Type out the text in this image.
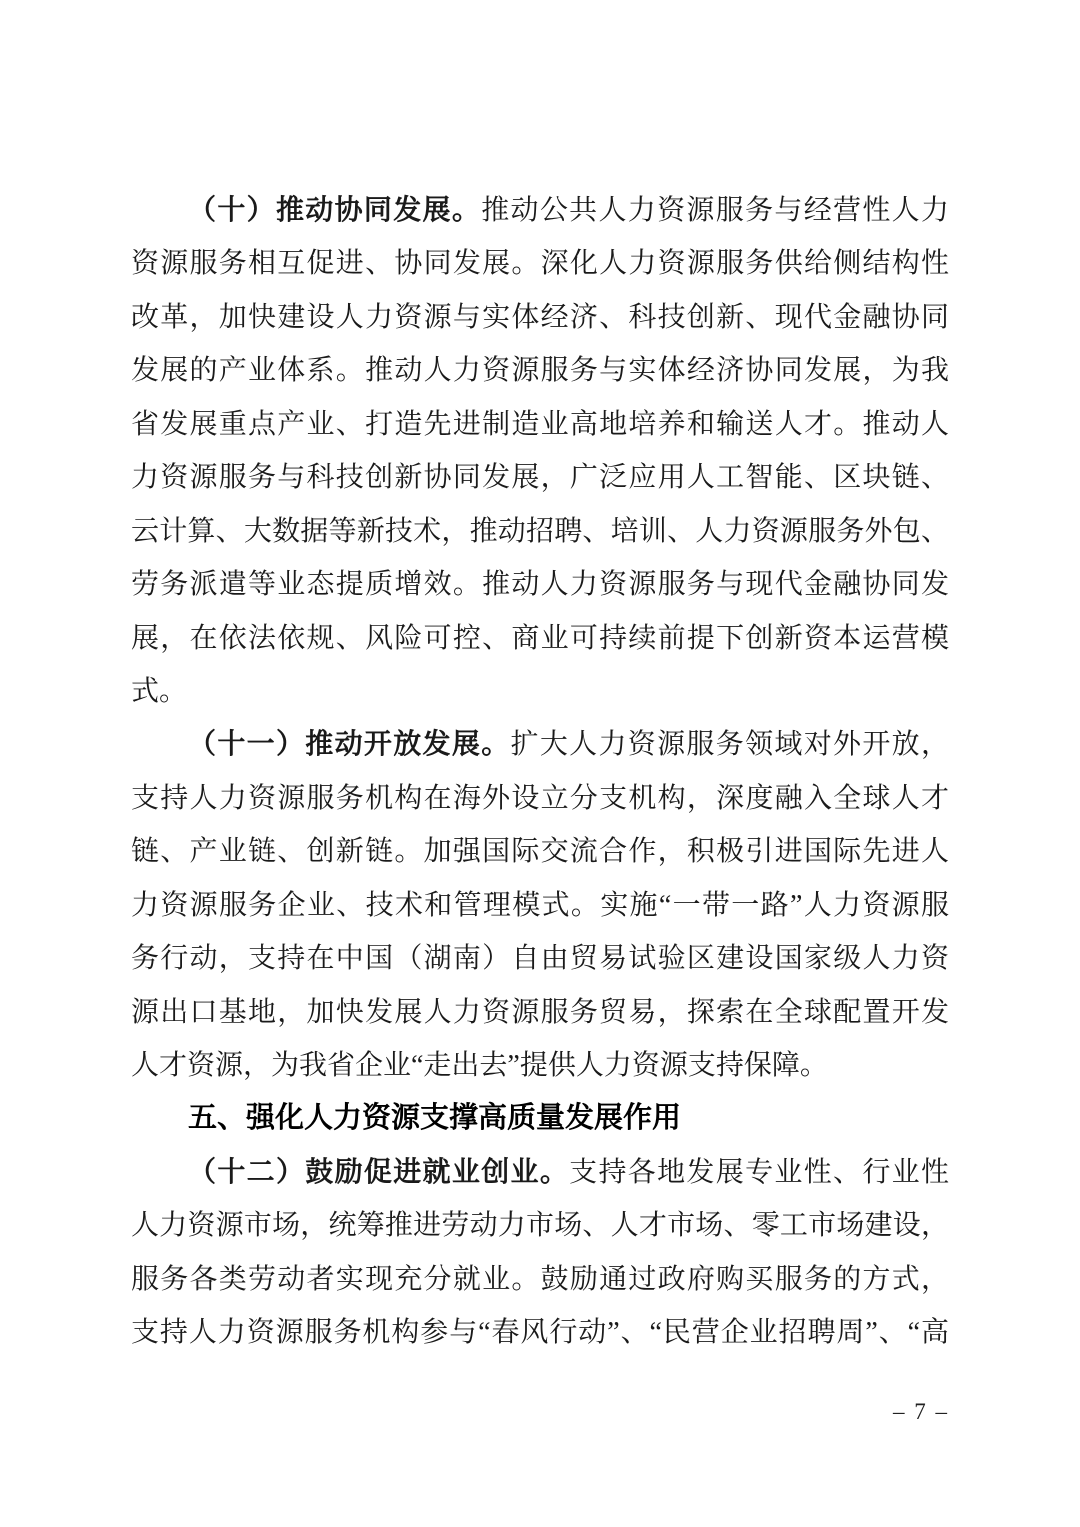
（十）推动协同发展。推动公共人力资源服务与经营性人力
资源服务相互促进、协同发展。深化人力资源服务供给侧结构性
改革，加快建设人力资源与实体经济、科技创新、现代金融协同
发展的产业体系。推动人力资源服务与实体经济协同发展，为我
省发展重点产业、打造先进制造业高地培养和输送人才。推动人
力资源服务与科技创新协同发展，广泛应用人工智能、区块链、
云计算、大数据等新技术，推动招聘、培训、人力资源服务外包、
劳务派遣等业态提质增效。推动人力资源服务与现代金融协同发
展，在依法依规、风险可控、商业可持续前提下创新资本运营模
式。
（十一）推动开放发展。扩大人力资源服务领域对外开放，
支持人力资源服务机构在海外设立分支机构，深度融入全球人才
链、产业链、创新链。加强国际交流合作，积极引进国际先进人
力资源服务企业、技术和管理模式。实施“一带一路”人力资源服
务行动，支持在中国（湖南）自由贸易试验区建设国家级人力资
源出口基地，加快发展人力资源服务贸易，探索在全球配置开发
人才资源，为我省企业“走出去”提供人力资源支持保障。
五、强化人力资源支撑高质量发展作用
（十二）鼓励促进就业创业。支持各地发展专业性、行业性
人力资源市场，统筹推进劳动力市场、人才市场、零工市场建设，
服务各类劳动者实现充分就业。鼓励通过政府购买服务的方式，
支持人力资源服务机构参与“春风行动”、“民营企业招聘周”、“高
– 7 –
